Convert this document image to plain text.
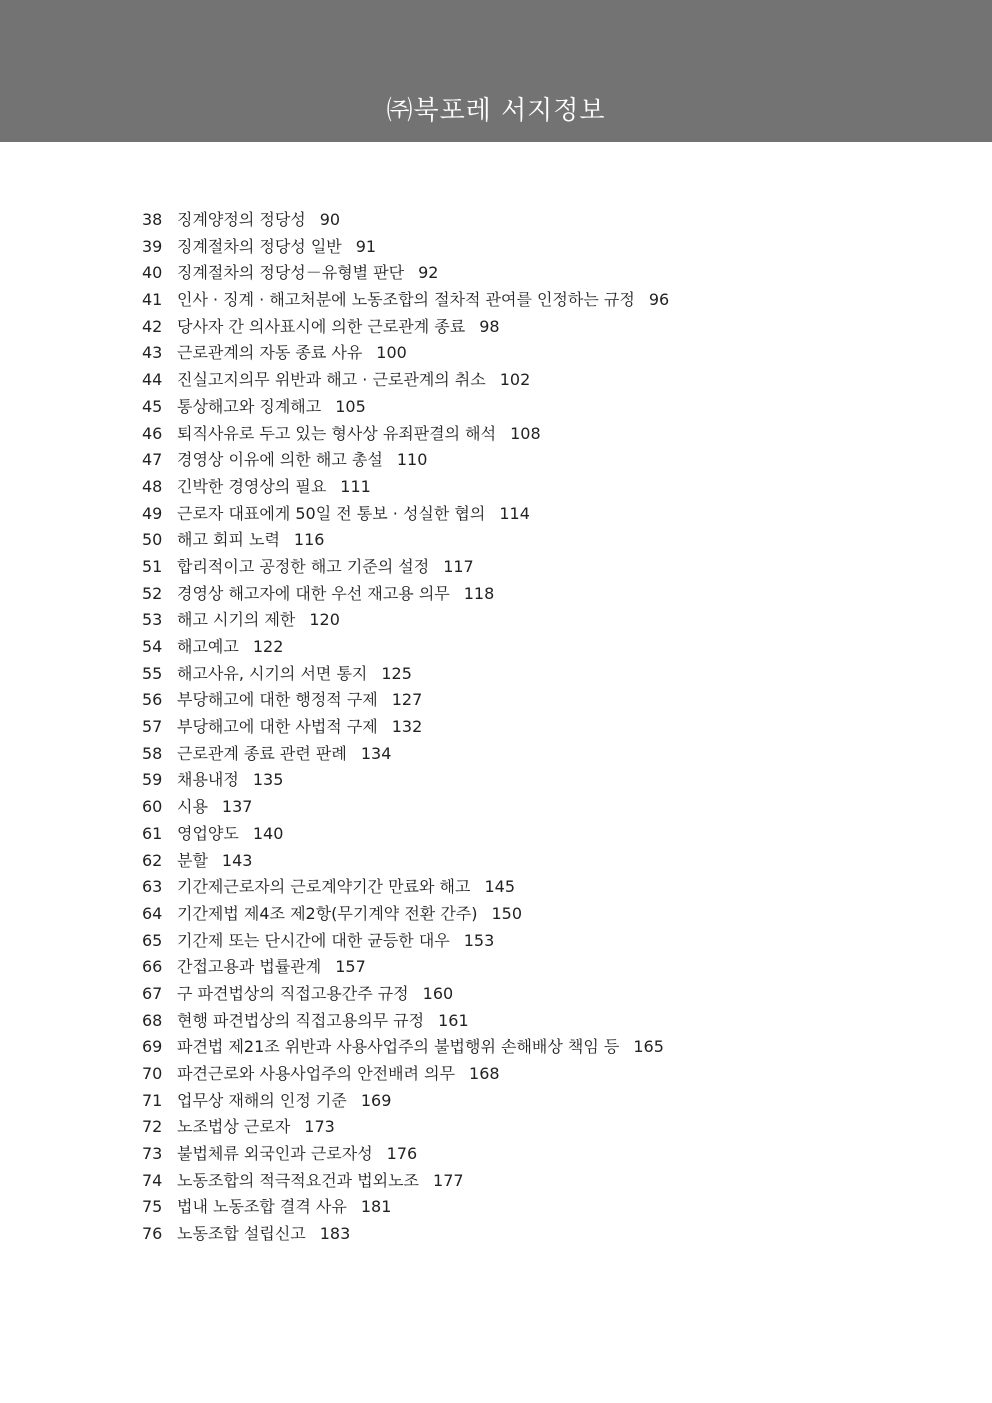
㈜북포레 서지정보
38 징계양정의 정당성 90
39 징계절차의 정당성 일반 91
40 징계절차의 정당성－유형별 판단 92
41 인사 · 징계 · 해고처분에 노동조합의 절차적 관여를 인정하는 규정 96
42 당사자 간 의사표시에 의한 근로관계 종료 98
43 근로관계의 자동 종료 사유 100
44 진실고지의무 위반과 해고 · 근로관계의 취소 102
45 통상해고와 징계해고 105
46 퇴직사유로 두고 있는 형사상 유죄판결의 해석 108
47 경영상 이유에 의한 해고 총설 110
48 긴박한 경영상의 필요 111
49 근로자 대표에게 50일 전 통보 · 성실한 협의 114
50 해고 회피 노력 116
51 합리적이고 공정한 해고 기준의 설정 117
52 경영상 해고자에 대한 우선 재고용 의무 118
53 해고 시기의 제한 120
54 해고예고 122
55 해고사유, 시기의 서면 통지 125
56 부당해고에 대한 행정적 구제 127
57 부당해고에 대한 사법적 구제 132
58 근로관계 종료 관련 판례 134
59 채용내정 135
60 시용 137
61 영업양도 140
62 분할 143
63 기간제근로자의 근로계약기간 만료와 해고 145
64 기간제법 제4조 제2항(무기계약 전환 간주) 150
65 기간제 또는 단시간에 대한 균등한 대우 153
66 간접고용과 법률관계 157
67 구 파견법상의 직접고용간주 규정 160
68 현행 파견법상의 직접고용의무 규정 161
69 파견법 제21조 위반과 사용사업주의 불법행위 손해배상 책임 등 165
70 파견근로와 사용사업주의 안전배려 의무 168
71 업무상 재해의 인정 기준 169
72 노조법상 근로자 173
73 불법체류 외국인과 근로자성 176
74 노동조합의 적극적요건과 법외노조 177
75 법내 노동조합 결격 사유 181
76 노동조합 설립신고 183
